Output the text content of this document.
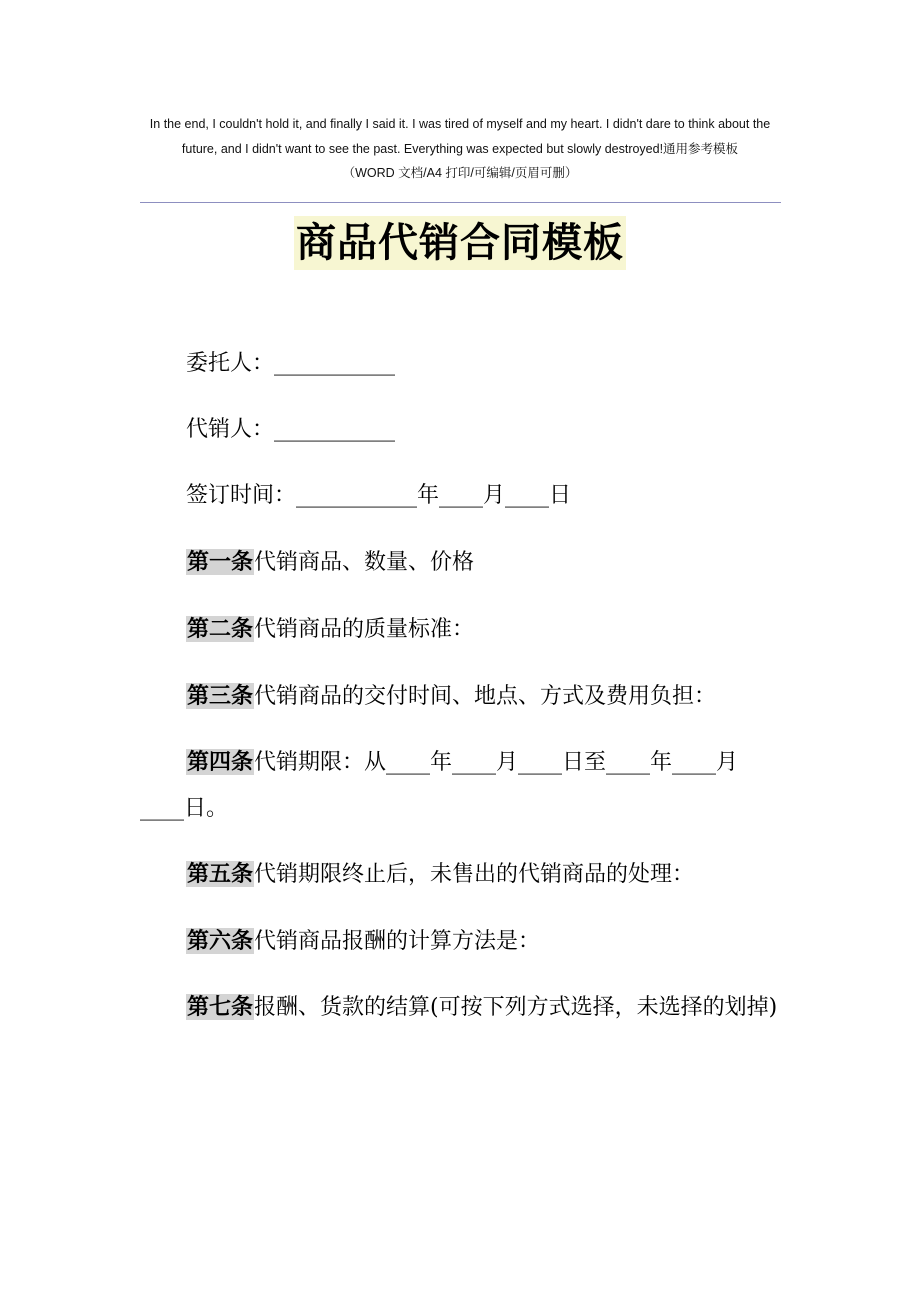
In the end, I couldn't hold it, and finally I said it. I was tired of myself and my heart. I didn't dare to think about the future, and I didn't want to see the past. Everything was expected but slowly destroyed!通用参考模板
（WORD 文档/A4 打印/可编辑/页眉可删）
商品代销合同模板

委托人：___________

代销人：___________

签订时间：___________年____月____日

第一条代销商品、数量、价格

第二条代销商品的质量标准：

第三条代销商品的交付时间、地点、方式及费用负担：

第四条代销期限：从____年____月____日至____年____月____日。

第五条代销期限终止后，未售出的代销商品的处理：

第六条代销商品报酬的计算方法是：

第七条报酬、货款的结算(可按下列方式选择，未选择的划掉)
